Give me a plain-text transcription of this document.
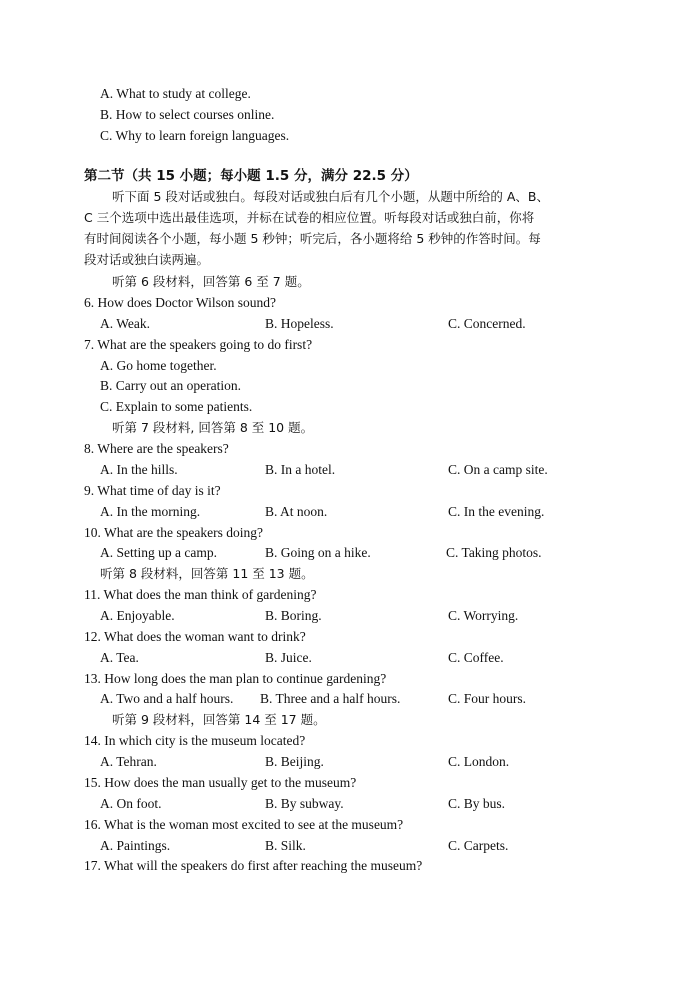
A. What to study at college.
B. How to select courses online.
C. Why to learn foreign languages.
第二节（共 15 小题；每小题 1.5 分，满分 22.5 分）
听下面 5 段对话或独白。每段对话或独白后有几个小题，从题中所给的 A、B、
C 三个选项中选出最佳选项，并标在试卷的相应位置。听每段对话或独白前，你将
有时间阅读各个小题，每小题 5 秒钟；听完后，各小题将给 5 秒钟的作答时间。每
段对话或独白读两遍。
听第 6 段材料，回答第 6 至 7 题。
6. How does Doctor Wilson sound?
A. Weak.	B. Hopeless.	C. Concerned.
7. What are the speakers going to do first?
A. Go home together.
B. Carry out an operation.
C. Explain to some patients.
听第 7 段材料, 回答第 8 至 10 题。
8. Where are the speakers?
A. In the hills.	B. In a hotel.	C. On a camp site.
9. What time of day is it?
A. In the morning.	B. At noon.	C. In the evening.
10. What are the speakers doing?
A. Setting up a camp.	B. Going on a hike.	C. Taking photos.
听第 8 段材料，回答第 11 至 13 题。
11. What does the man think of gardening?
A. Enjoyable.	B. Boring.	C. Worrying.
12. What does the woman want to drink?
A. Tea.	B. Juice.	C. Coffee.
13. How long does the man plan to continue gardening?
A. Two and a half hours. B. Three and a half hours.	C. Four hours.
听第 9 段材料，回答第 14 至 17 题。
14. In which city is the museum located?
A. Tehran.	B. Beijing.	C. London.
15. How does the man usually get to the museum?
A. On foot.	B. By subway.	C. By bus.
16. What is the woman most excited to see at the museum?
A. Paintings.	B. Silk.	C. Carpets.
17. What will the speakers do first after reaching the museum?
